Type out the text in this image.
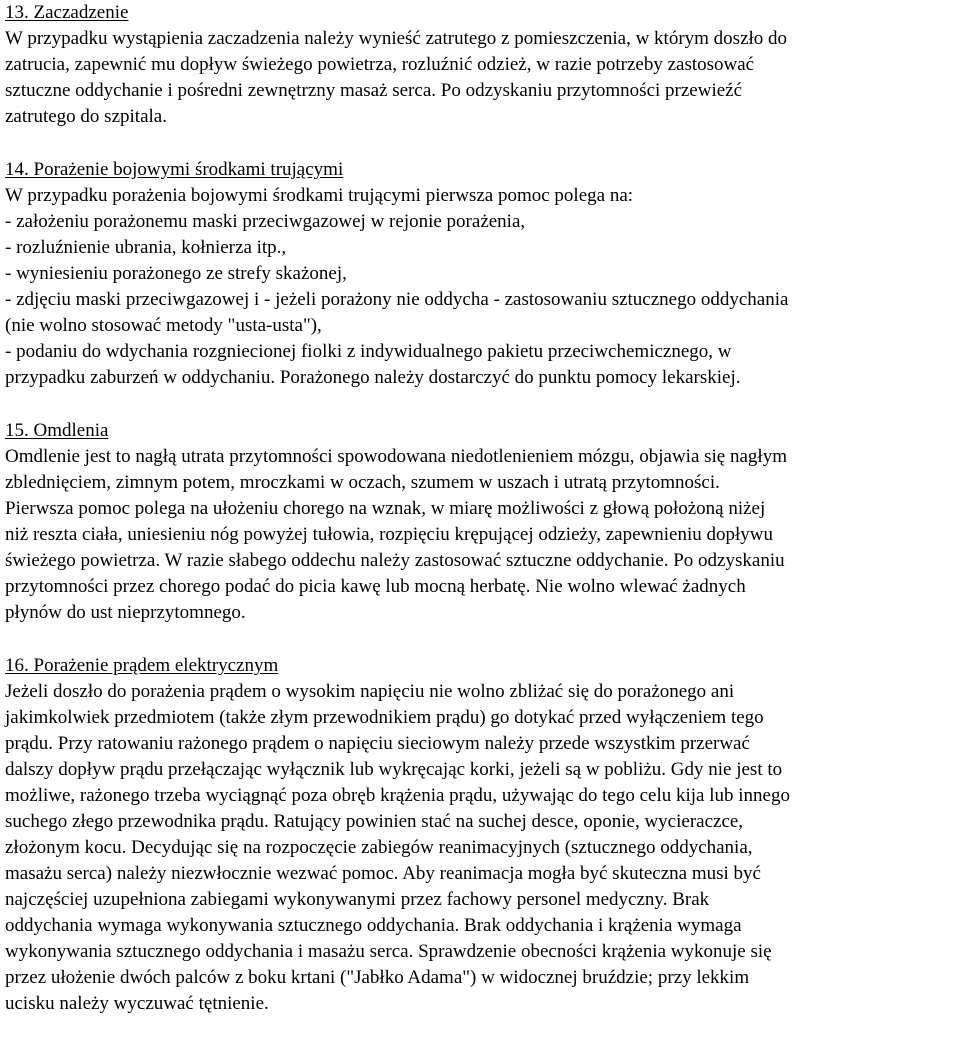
13. Zaczadzenie
W przypadku wystąpienia zaczadzenia należy wynieść zatrutego z pomieszczenia, w którym doszło do
zatrucia, zapewnić mu dopływ świeżego powietrza, rozluźnić odzież, w razie potrzeby zastosować
sztuczne oddychanie i pośredni zewnętrzny masaż serca. Po odzyskaniu przytomności przewieźć
zatrutego do szpitala.
14. Porażenie bojowymi środkami trującymi
W przypadku porażenia bojowymi środkami trującymi pierwsza pomoc polega na:
- założeniu porażonemu maski przeciwgazowej w rejonie porażenia,
- rozluźnienie ubrania, kołnierza itp.,
- wyniesieniu porażonego ze strefy skażonej,
- zdjęciu maski przeciwgazowej i - jeżeli porażony nie oddycha - zastosowaniu sztucznego oddychania
(nie wolno stosować metody "usta-usta"),
- podaniu do wdychania rozgniecionej fiolki z indywidualnego pakietu przeciwchemicznego, w
przypadku zaburzeń w oddychaniu. Porażonego należy dostarczyć do punktu pomocy lekarskiej.
15. Omdlenia
Omdlenie jest to nagłą utrata przytomności spowodowana niedotlenieniem mózgu, objawia się nagłym
zblednięciem, zimnym potem, mroczkami w oczach, szumem w uszach i utratą przytomności.
Pierwsza pomoc polega na ułożeniu chorego na wznak, w miarę możliwości z głową położoną niżej
niż reszta ciała, uniesieniu nóg powyżej tułowia, rozpięciu krępującej odzieży, zapewnieniu dopływu
świeżego powietrza. W razie słabego oddechu należy zastosować sztuczne oddychanie. Po odzyskaniu
przytomności przez chorego podać do picia kawę lub mocną herbatę. Nie wolno wlewać żadnych
płynów do ust nieprzytomnego.
16. Porażenie prądem elektrycznym
Jeżeli doszło do porażenia prądem o wysokim napięciu nie wolno zbliżać się do porażonego ani
jakimkolwiek przedmiotem (także złym przewodnikiem prądu) go dotykać przed wyłączeniem tego
prądu. Przy ratowaniu rażonego prądem o napięciu sieciowym należy przede wszystkim przerwać
dalszy dopływ prądu przełączając wyłącznik lub wykręcając korki, jeżeli są w pobliżu. Gdy nie jest to
możliwe, rażonego trzeba wyciągnąć poza obręb krążenia prądu, używając do tego celu kija lub innego
suchego złego przewodnika prądu. Ratujący powinien stać na suchej desce, oponie, wycieraczce,
złożonym kocu. Decydując się na rozpoczęcie zabiegów reanimacyjnych (sztucznego oddychania,
masażu serca) należy niezwłocznie wezwać pomoc. Aby reanimacja mogła być skuteczna musi być
najczęściej uzupełniona zabiegami wykonywanymi przez fachowy personel medyczny. Brak
oddychania wymaga wykonywania sztucznego oddychania. Brak oddychania i krążenia wymaga
wykonywania sztucznego oddychania i masażu serca. Sprawdzenie obecności krążenia wykonuje się
przez ułożenie dwóch palców z boku krtani ("Jabłko Adama") w widocznej bruździe; przy lekkim
ucisku należy wyczuwać tętnienie.
